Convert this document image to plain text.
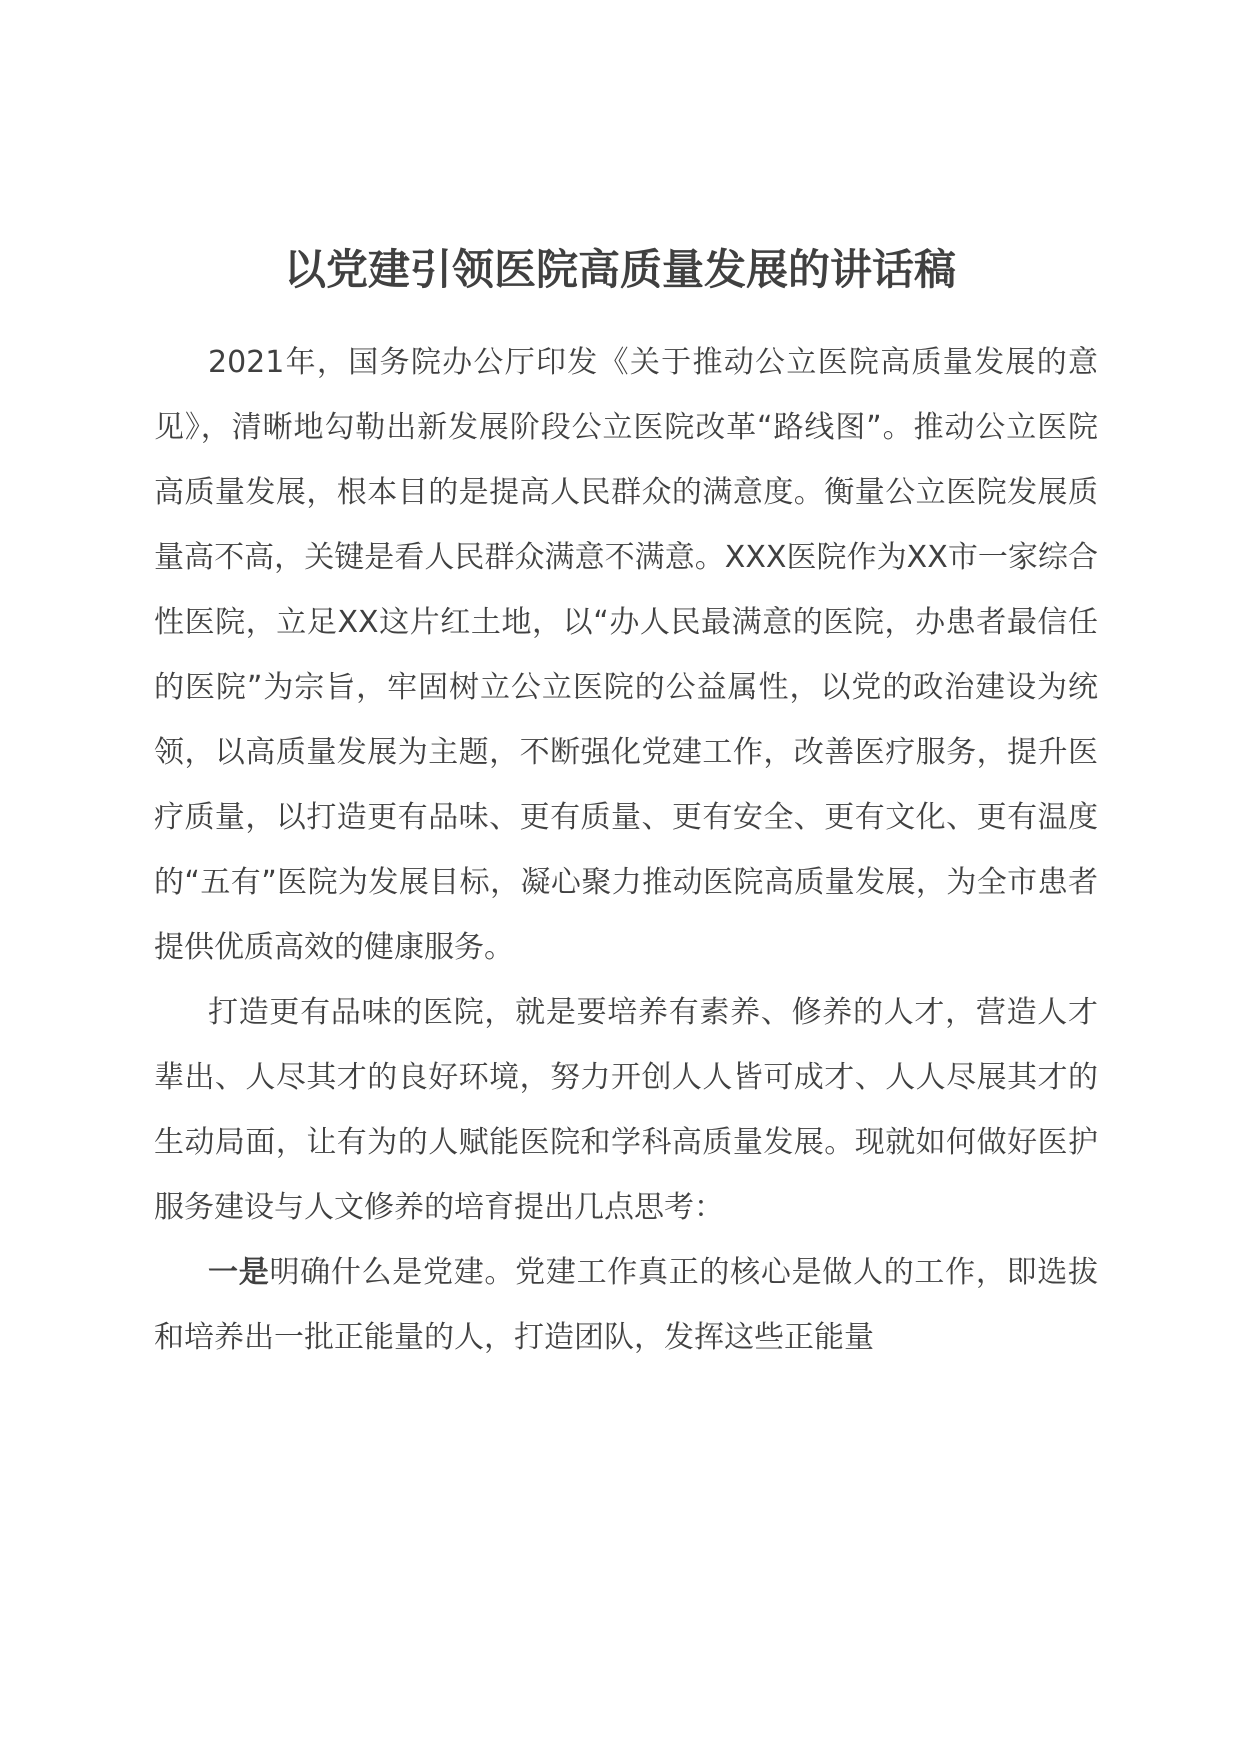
以党建引领医院高质量发展的讲话稿

2021年，国务院办公厅印发《关于推动公立医院高质量发展的意见》，清晰地勾勒出新发展阶段公立医院改革“路线图”。推动公立医院高质量发展，根本目的是提高人民群众的满意度。衡量公立医院发展质量高不高，关键是看人民群众满意不满意。XXX医院作为XX市一家综合性医院，立足XX这片红土地，以“办人民最满意的医院，办患者最信任的医院”为宗旨，牢固树立公立医院的公益属性，以党的政治建设为统领，以高质量发展为主题，不断强化党建工作，改善医疗服务，提升医疗质量，以打造更有品味、更有质量、更有安全、更有文化、更有温度的“五有”医院为发展目标，凝心聚力推动医院高质量发展，为全市患者提供优质高效的健康服务。

打造更有品味的医院，就是要培养有素养、修养的人才，营造人才辈出、人尽其才的良好环境，努力开创人人皆可成才、人人尽展其才的生动局面，让有为的人赋能医院和学科高质量发展。现就如何做好医护服务建设与人文修养的培育提出几点思考：

一是明确什么是党建。党建工作真正的核心是做人的工作，即选拔和培养出一批正能量的人，打造团队，发挥这些正能量
